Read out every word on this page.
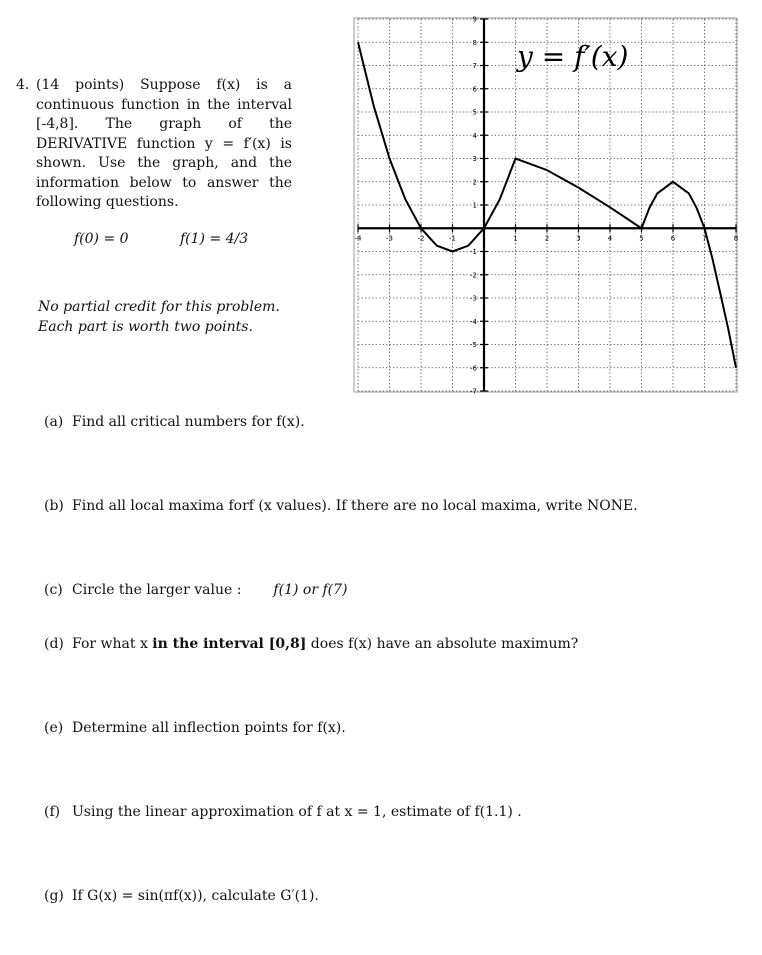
4. (14 points) Suppose f(x) is a continuous function in the interval [-4,8]. The graph of the DERIVATIVE function y = f′(x) is shown. Use the graph, and the information below to answer the following questions.
f(0) = 0	f(1) = 4/3
No partial credit for this problem.
Each part is worth two points.
-4	-3	-2	-1	1	2	3	4	5	6	7	8
9
8
7
6
5
4
3
2
1
-1
-2
-3
-4
-5
-6
-7
y = f′(x)
(a) Find all critical numbers for f(x).
(b) Find all local maxima forf (x values). If there are no local maxima, write NONE.
(c) Circle the larger value : f(1) or f(7)
(d) For what x in the interval [0,8] does f(x) have an absolute maximum?
(e) Determine all inflection points for f(x).
(f) Using the linear approximation of f at x = 1, estimate of f(1.1) .
(g) If G(x) = sin(πf(x)), calculate G′(1).
